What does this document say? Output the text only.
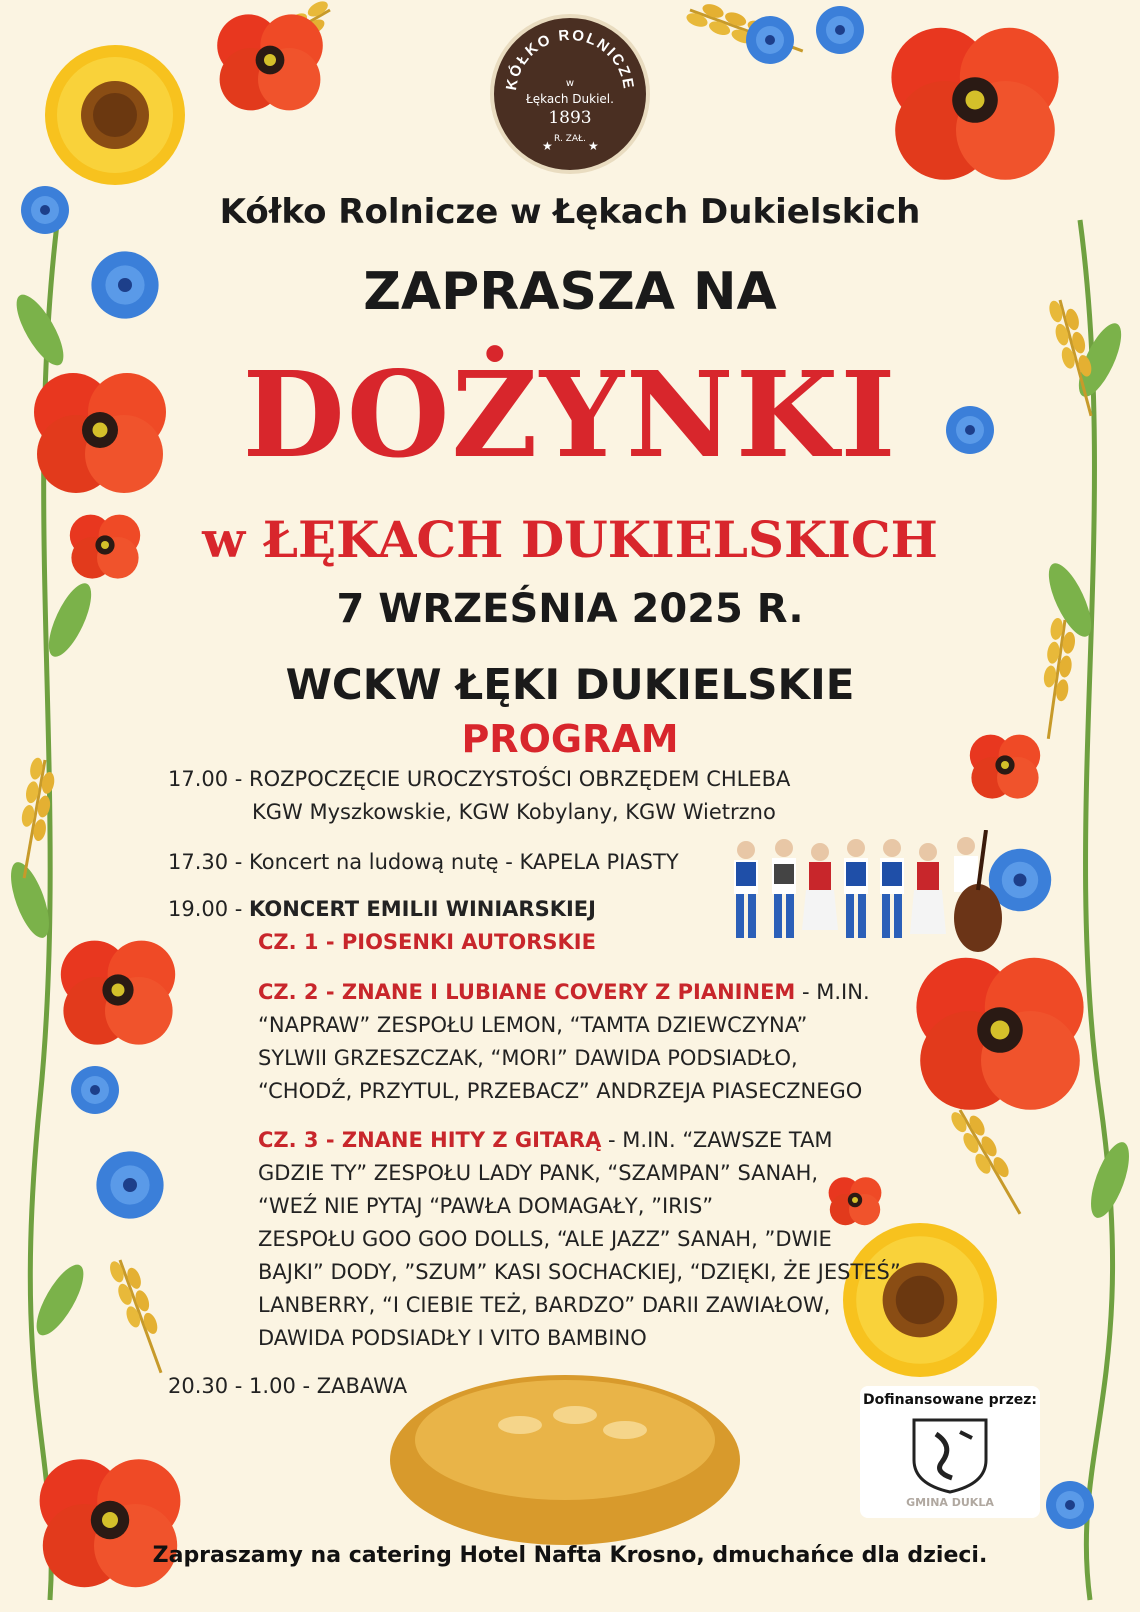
KÓŁKO ROLNICZE
★	★
w
Łękach Dukiel.
1893
R. ZAŁ.
Kółko Rolnicze w Łękach Dukielskich
ZAPRASZA NA
DOŻYNKI
w ŁĘKACH DUKIELSKICH
7 WRZEŚNIA 2025 R.
WCKW ŁĘKI DUKIELSKIE
PROGRAM
17.00 - ROZPOCZĘCIE UROCZYSTOŚCI OBRZĘDEM CHLEBA
KGW Myszkowskie, KGW Kobylany, KGW Wietrzno
17.30 - Koncert na ludową nutę - KAPELA PIASTY
19.00 - KONCERT EMILII WINIARSKIEJ
CZ. 1 - PIOSENKI AUTORSKIE
CZ. 2 - ZNANE I LUBIANE COVERY Z PIANINEM - M.IN.
“NAPRAW” ZESPOŁU LEMON, “TAMTA DZIEWCZYNA”
SYLWII GRZESZCZAK, “MORI” DAWIDA PODSIADŁO,
“CHODŹ, PRZYTUL, PRZEBACZ” ANDRZEJA PIASECZNEGO
CZ. 3 - ZNANE HITY Z GITARĄ - M.IN. “ZAWSZE TAM
GDZIE TY” ZESPOŁU LADY PANK, “SZAMPAN” SANAH,
“WEŹ NIE PYTAJ “PAWŁA DOMAGAŁY, ”IRIS”
ZESPOŁU GOO GOO DOLLS, “ALE JAZZ” SANAH, ”DWIE
BAJKI” DODY, ”SZUM” KASI SOCHACKIEJ, “DZIĘKI, ŻE JESTEŚ”
LANBERRY, “I CIEBIE TEŻ, BARDZO” DARII ZAWIAŁOW,
DAWIDA PODSIADŁY I VITO BAMBINO
20.30 - 1.00 - ZABAWA
Dofinansowane przez:
GMINA DUKLA
Zapraszamy na catering Hotel Nafta Krosno, dmuchańce dla dzieci.
